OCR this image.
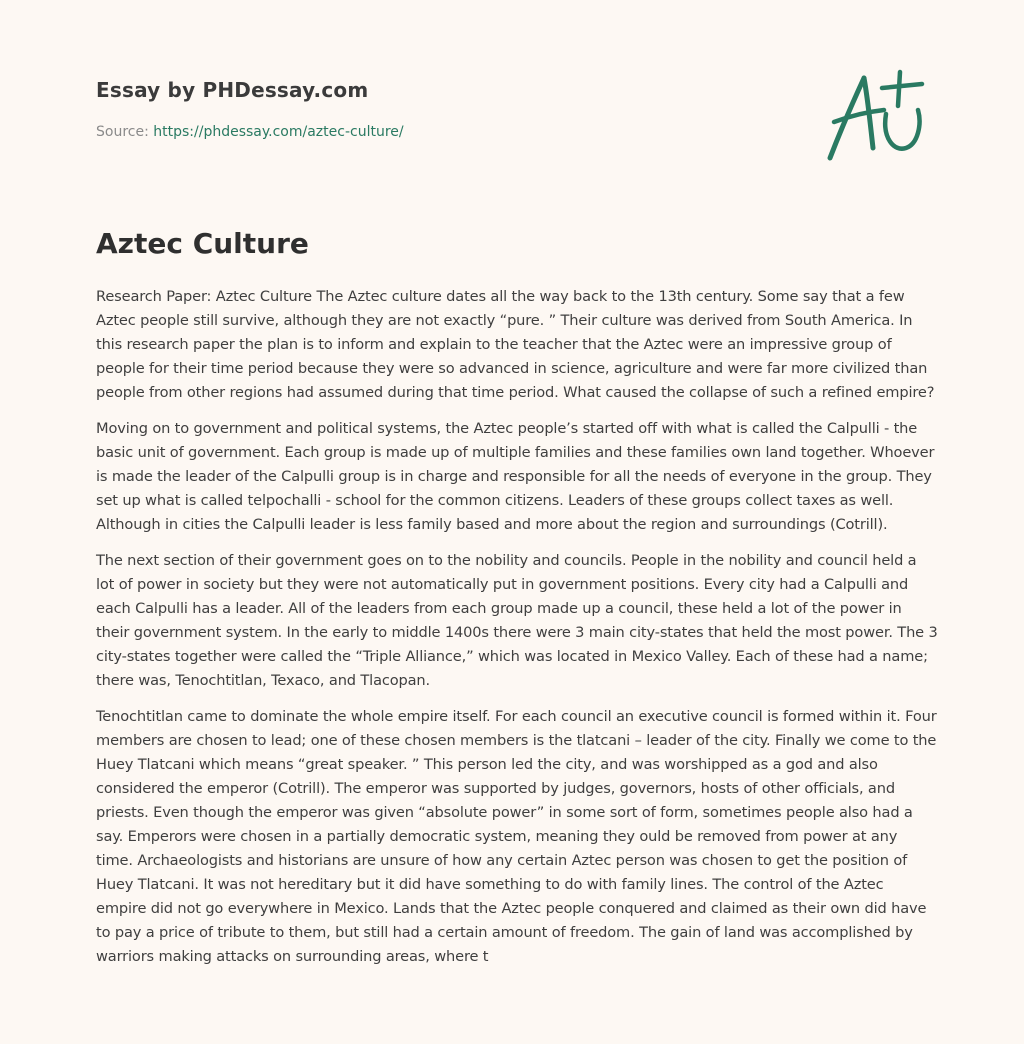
Essay by PHDessay.com
Source: https://phdessay.com/aztec-culture/
Aztec Culture

Research Paper: Aztec Culture The Aztec culture dates all the way back to the 13th century. Some say that a few Aztec people still survive, although they are not exactly “pure. ” Their culture was derived from South America. In this research paper the plan is to inform and explain to the teacher that the Aztec were an impressive group of people for their time period because they were so advanced in science, agriculture and were far more civilized than people from other regions had assumed during that time period. What caused the collapse of such a refined empire?

Moving on to government and political systems, the Aztec people’s started off with what is called the Calpulli - the basic unit of government. Each group is made up of multiple families and these families own land together. Whoever is made the leader of the Calpulli group is in charge and responsible for all the needs of everyone in the group. They set up what is called telpochalli - school for the common citizens. Leaders of these groups collect taxes as well. Although in cities the Calpulli leader is less family based and more about the region and surroundings (Cotrill).

The next section of their government goes on to the nobility and councils. People in the nobility and council held a lot of power in society but they were not automatically put in government positions. Every city had a Calpulli and each Calpulli has a leader. All of the leaders from each group made up a council, these held a lot of the power in their government system. In the early to middle 1400s there were 3 main city-states that held the most power. The 3 city-states together were called the “Triple Alliance,” which was located in Mexico Valley. Each of these had a name; there was, Tenochtitlan, Texaco, and Tlacopan.

Tenochtitlan came to dominate the whole empire itself. For each council an executive council is formed within it. Four members are chosen to lead; one of these chosen members is the tlatcani – leader of the city. Finally we come to the Huey Tlatcani which means “great speaker. ” This person led the city, and was worshipped as a god and also considered the emperor (Cotrill). The emperor was supported by judges, governors, hosts of other officials, and priests. Even though the emperor was given “absolute power” in some sort of form, sometimes people also had a say. Emperors were chosen in a partially democratic system, meaning they ould be removed from power at any time. Archaeologists and historians are unsure of how any certain Aztec person was chosen to get the position of Huey Tlatcani. It was not hereditary but it did have something to do with family lines. The control of the Aztec empire did not go everywhere in Mexico. Lands that the Aztec people conquered and claimed as their own did have to pay a price of tribute to them, but still had a certain amount of freedom. The gain of land was accomplished by warriors making attacks on surrounding areas, where t
